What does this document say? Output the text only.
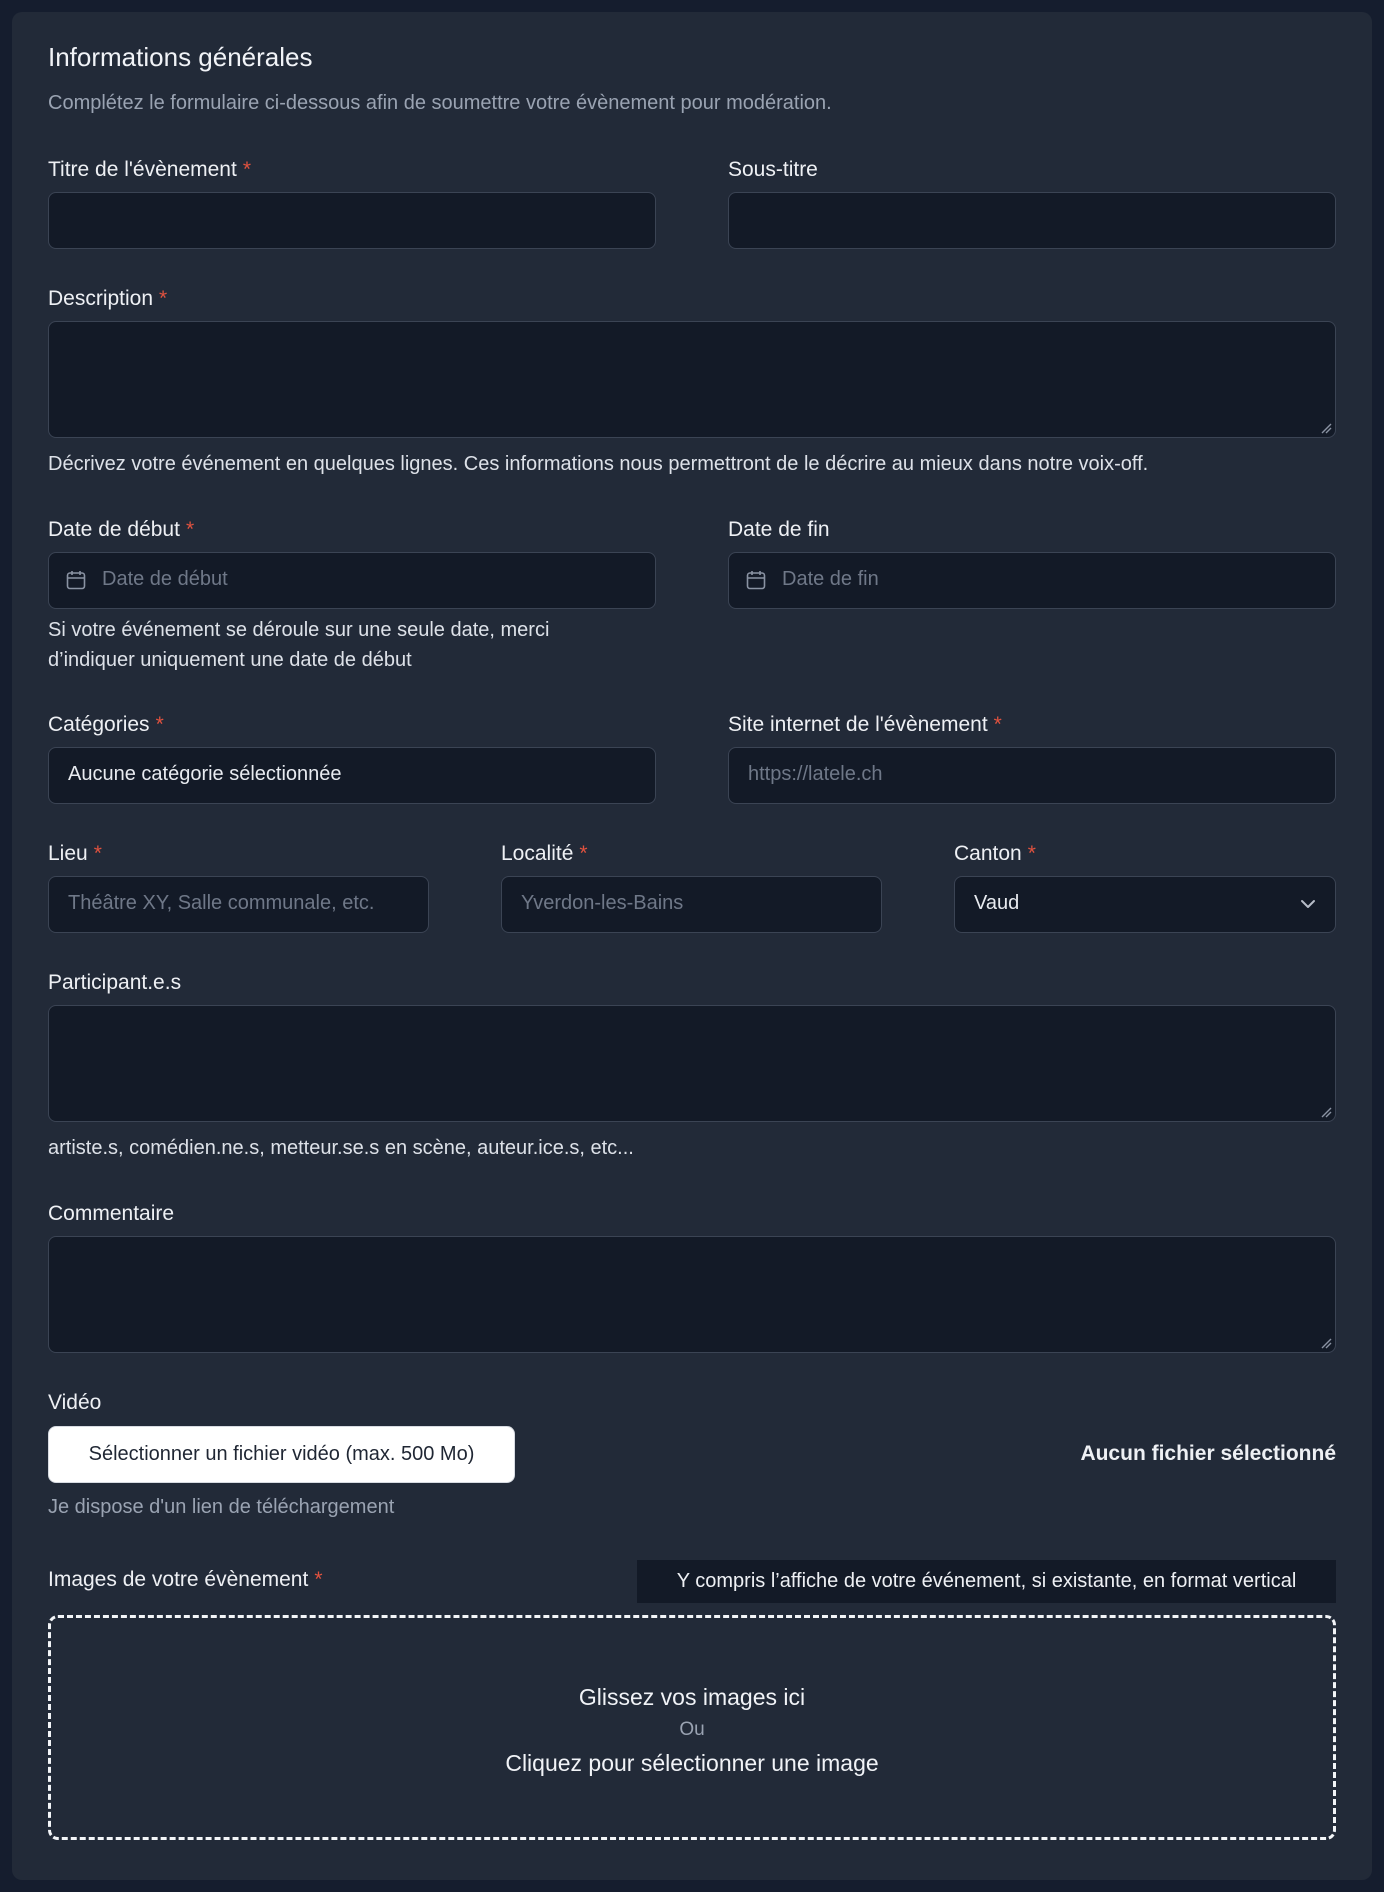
Informations générales
Complétez le formulaire ci-dessous afin de soumettre votre évènement pour modération.
Titre de l'évènement *	Sous-titre
Description *
Décrivez votre événement en quelques lignes. Ces informations nous permettront de le décrire au mieux dans notre voix-off.
Date de début *
Date de début
Si votre événement se déroule sur une seule date, merci
d’indiquer uniquement une date de début
Date de fin
Date de fin
Catégories *
Aucune catégorie sélectionnée
Site internet de l'évènement *
https://latele.ch
Lieu *
Théâtre XY, Salle communale, etc.
Localité *
Yverdon-les-Bains
Canton *
Vaud
Participant.e.s
artiste.s, comédien.ne.s, metteur.se.s en scène, auteur.ice.s, etc...
Commentaire
Vidéo
Sélectionner un fichier vidéo (max. 500 Mo)	Aucun fichier sélectionné
Je dispose d'un lien de téléchargement
Images de votre évènement *	Y compris l’affiche de votre événement, si existante, en format vertical
Glissez vos images ici
Ou
Cliquez pour sélectionner une image
